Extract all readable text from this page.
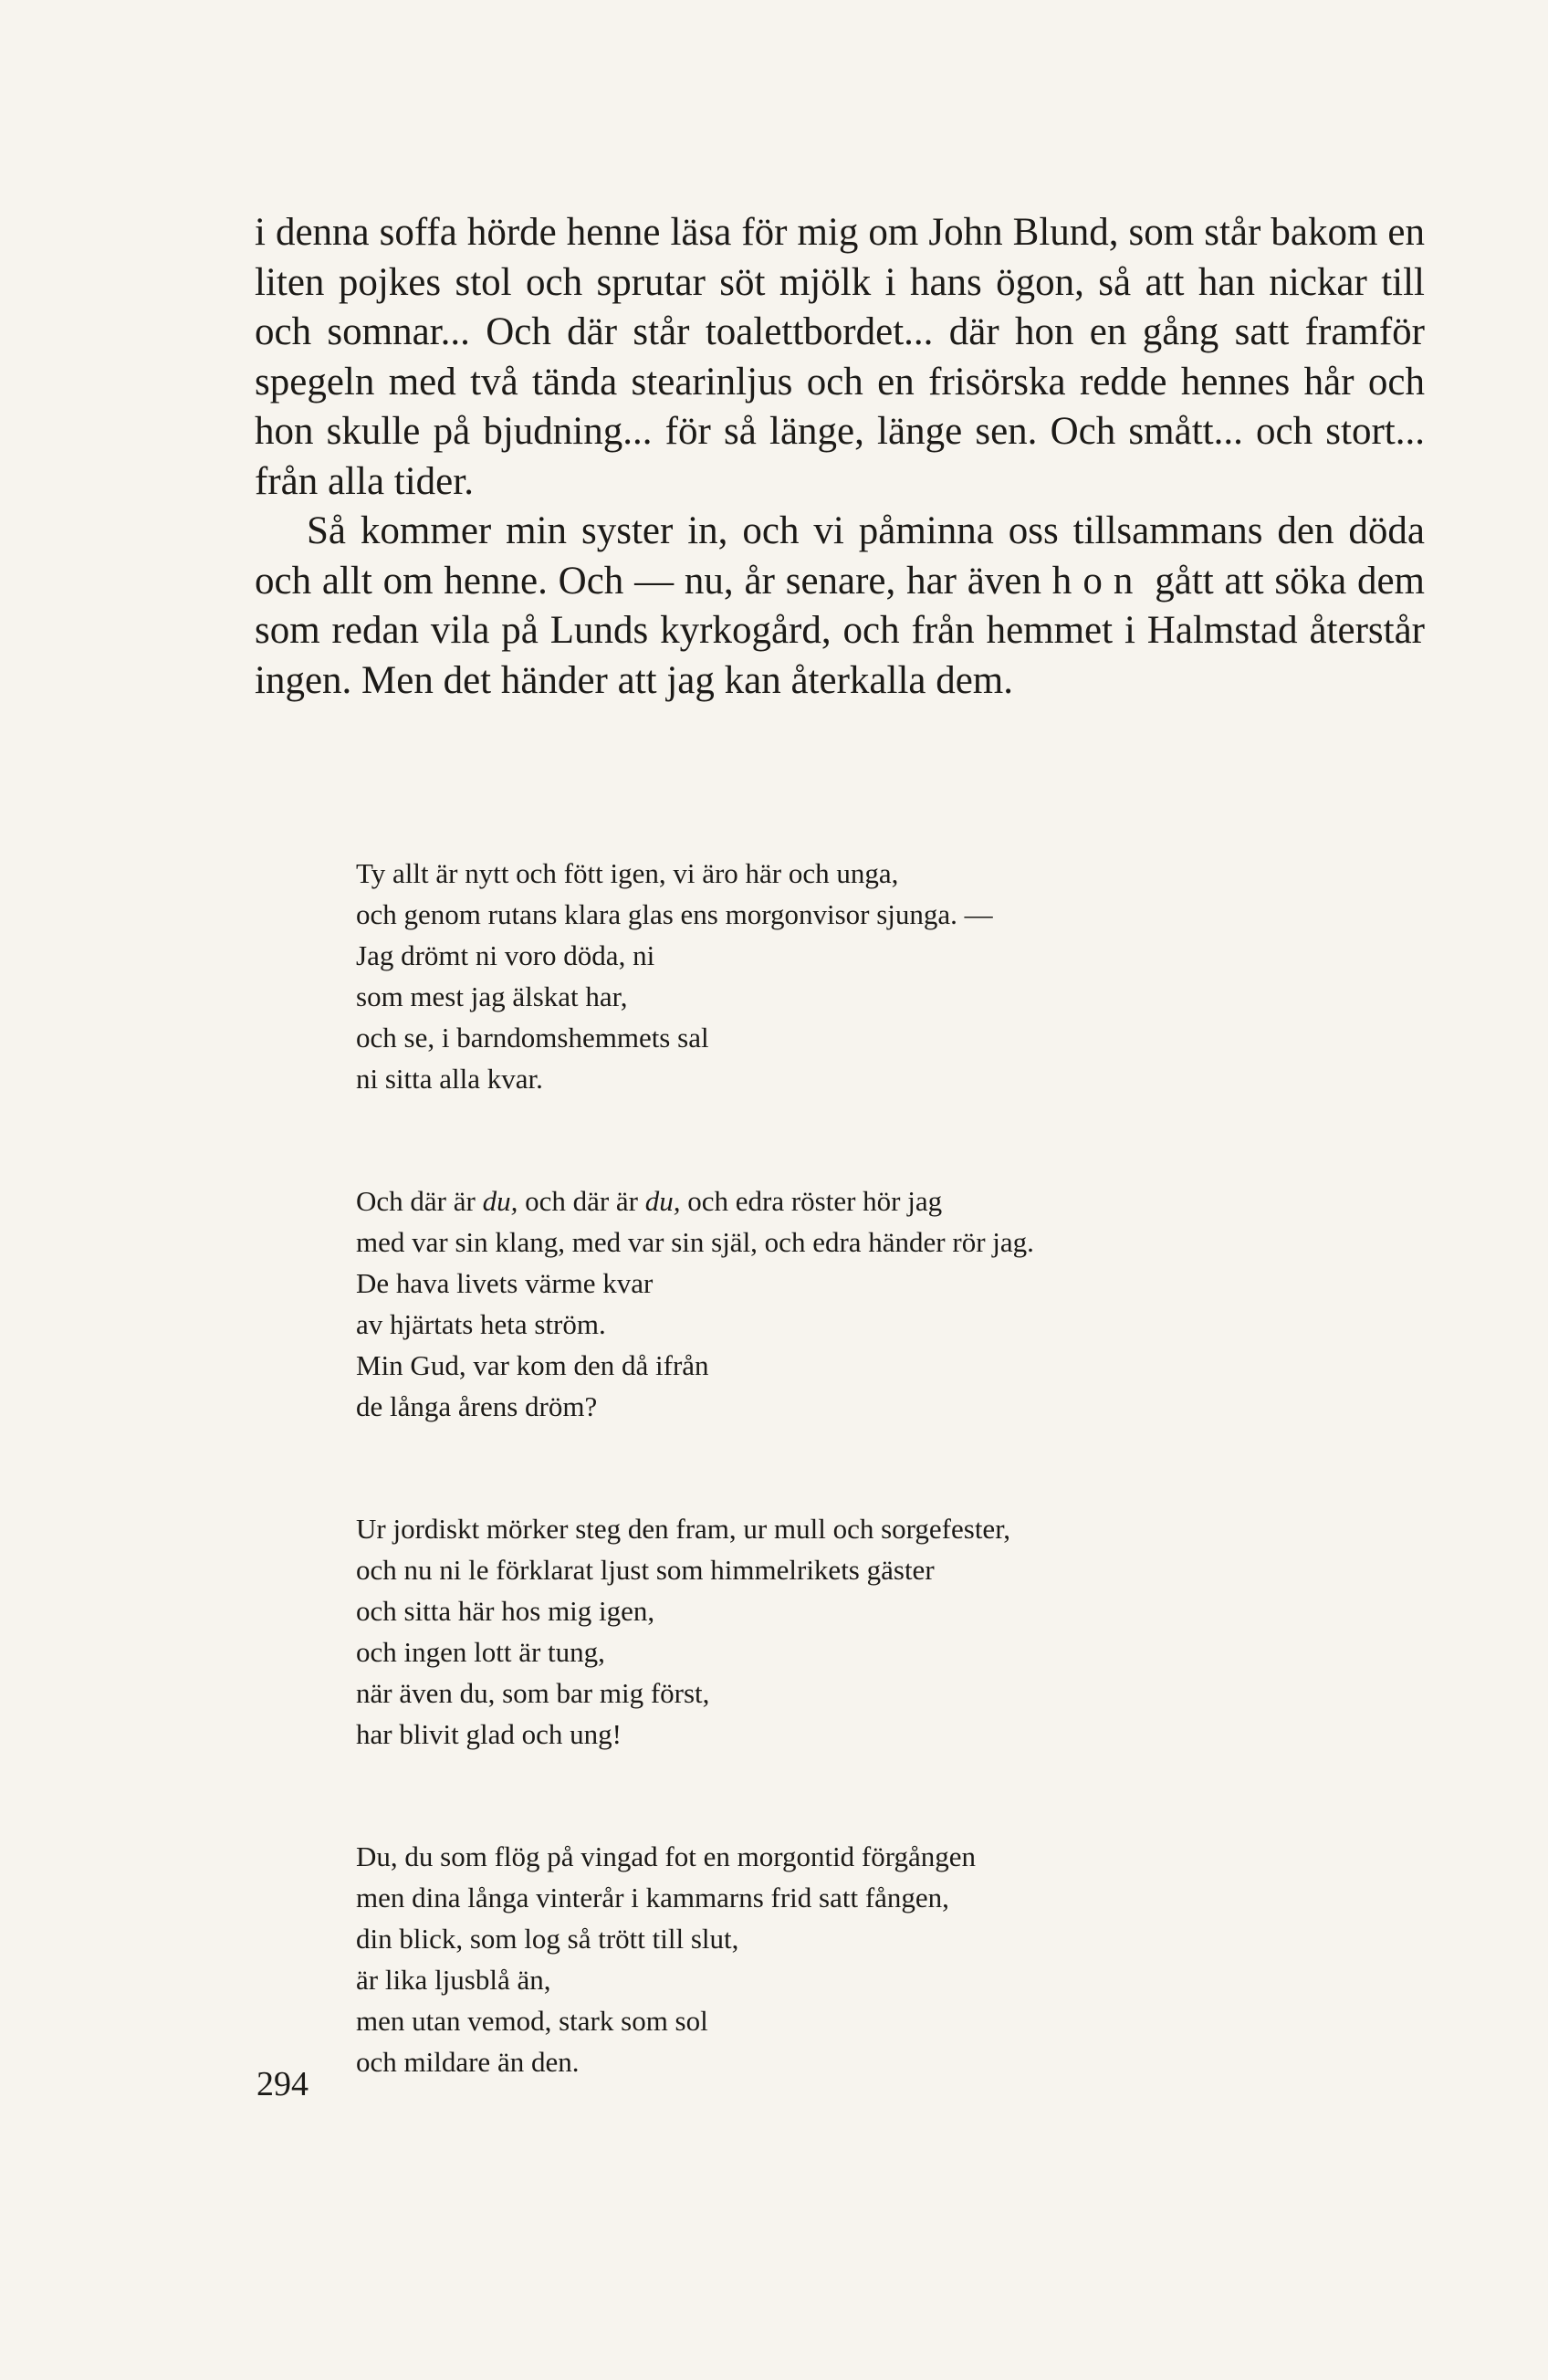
i denna soffa hörde henne läsa för mig om John Blund, som står bakom en liten pojkes stol och sprutar söt mjölk i hans ögon, så att han nickar till och somnar... Och där står toalettbordet... där hon en gång satt framför spegeln med två tända stearinljus och en frisörska redde hennes hår och hon skulle på bjudning... för så länge, länge sen. Och smått... och stort... från alla tider.

Så kommer min syster in, och vi påminna oss tillsammans den döda och allt om henne. Och — nu, år senare, har även hon gått att söka dem som redan vila på Lunds kyrkogård, och från hemmet i Halmstad återstår ingen. Men det händer att jag kan återkalla dem.

Ty allt är nytt och fött igen, vi äro här och unga,
och genom rutans klara glas ens morgonvisor sjunga. —
Jag drömt ni voro döda, ni
som mest jag älskat har,
och se, i barndomshemmets sal
ni sitta alla kvar.
Och där är du, och där är du, och edra röster hör jag
med var sin klang, med var sin själ, och edra händer rör jag.
De hava livets värme kvar
av hjärtats heta ström.
Min Gud, var kom den då ifrån
de långa årens dröm?
Ur jordiskt mörker steg den fram, ur mull och sorgefester,
och nu ni le förklarat ljust som himmelrikets gäster
och sitta här hos mig igen,
och ingen lott är tung,
när även du, som bar mig först,
har blivit glad och ung!
Du, du som flög på vingad fot en morgontid förgången
men dina långa vinterår i kammarns frid satt fången,
din blick, som log så trött till slut,
är lika ljusblå än,
men utan vemod, stark som sol
och mildare än den.
294
